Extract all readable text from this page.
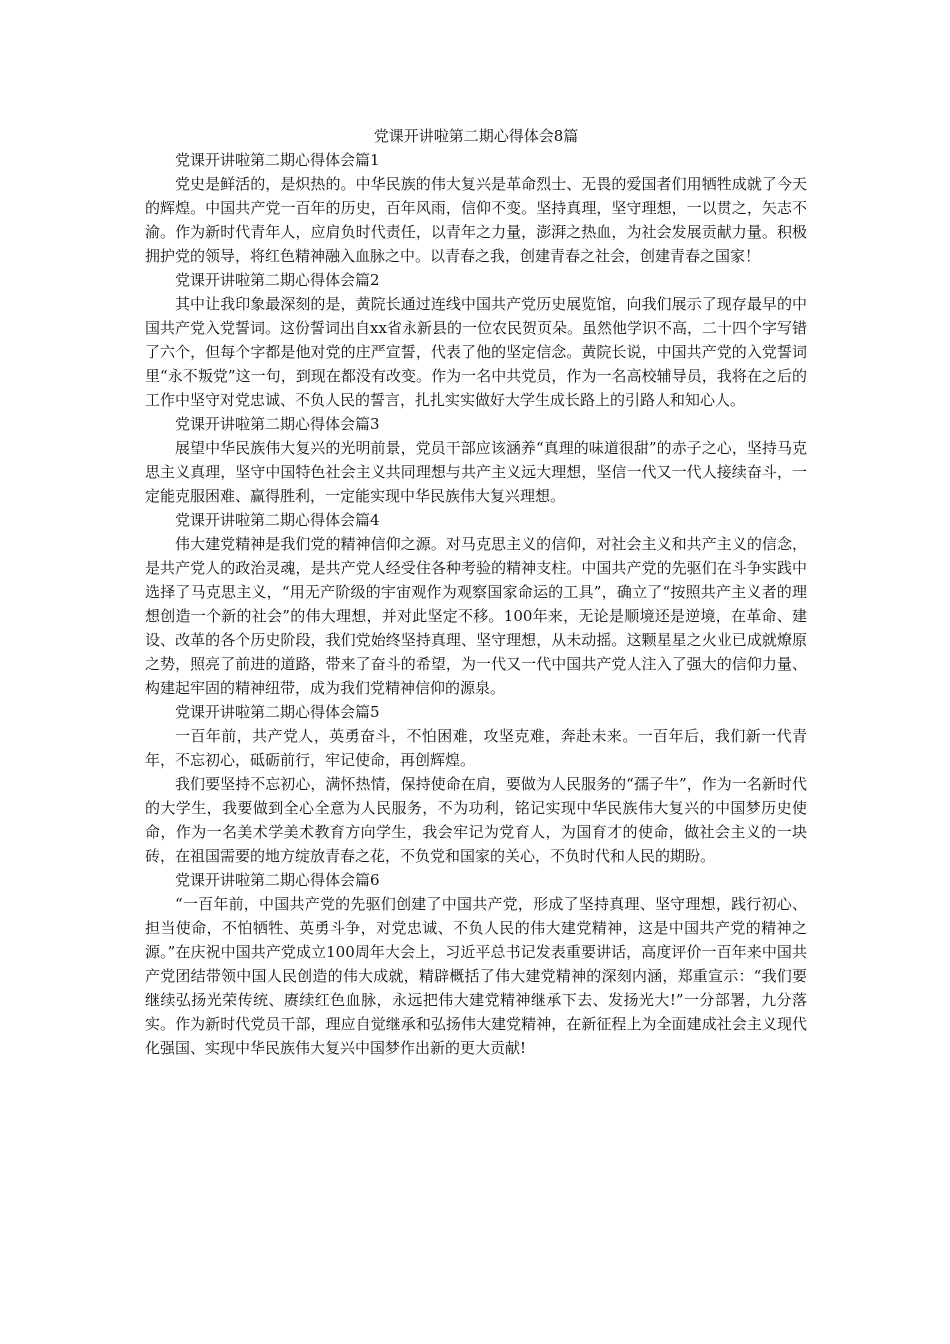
党课开讲啦第二期心得体会8篇

党课开讲啦第二期心得体会篇1

党史是鲜活的，是炽热的。中华民族的伟大复兴是革命烈士、无畏的爱国者们用牺牲成就了今天的辉煌。中国共产党一百年的历史，百年风雨，信仰不变。坚持真理，坚守理想，一以贯之，矢志不渝。作为新时代青年人，应肩负时代责任，以青年之力量，澎湃之热血，为社会发展贡献力量。积极拥护党的领导，将红色精神融入血脉之中。以青春之我，创建青春之社会，创建青春之国家！

党课开讲啦第二期心得体会篇2

其中让我印象最深刻的是，黄院长通过连线中国共产党历史展览馆，向我们展示了现存最早的中国共产党入党誓词。这份誓词出自xx省永新县的一位农民贺页朵。虽然他学识不高，二十四个字写错了六个，但每个字都是他对党的庄严宣誓，代表了他的坚定信念。黄院长说，中国共产党的入党誓词里“永不叛党”这一句，到现在都没有改变。作为一名中共党员，作为一名高校辅导员，我将在之后的工作中坚守对党忠诚、不负人民的誓言，扎扎实实做好大学生成长路上的引路人和知心人。

党课开讲啦第二期心得体会篇3

展望中华民族伟大复兴的光明前景，党员干部应该涵养“真理的味道很甜”的赤子之心，坚持马克思主义真理，坚守中国特色社会主义共同理想与共产主义远大理想，坚信一代又一代人接续奋斗，一定能克服困难、赢得胜利，一定能实现中华民族伟大复兴理想。

党课开讲啦第二期心得体会篇4

伟大建党精神是我们党的精神信仰之源。对马克思主义的信仰，对社会主义和共产主义的信念，是共产党人的政治灵魂，是共产党人经受住各种考验的精神支柱。中国共产党的先驱们在斗争实践中选择了马克思主义，“用无产阶级的宇宙观作为观察国家命运的工具”，确立了“按照共产主义者的理想创造一个新的社会”的伟大理想，并对此坚定不移。100年来，无论是顺境还是逆境，在革命、建设、改革的各个历史阶段，我们党始终坚持真理、坚守理想，从未动摇。这颗星星之火业已成就燎原之势，照亮了前进的道路，带来了奋斗的希望，为一代又一代中国共产党人注入了强大的信仰力量、构建起牢固的精神纽带，成为我们党精神信仰的源泉。

党课开讲啦第二期心得体会篇5

一百年前，共产党人，英勇奋斗，不怕困难，攻坚克难，奔赴未来。一百年后，我们新一代青年，不忘初心，砥砺前行，牢记使命，再创辉煌。

我们要坚持不忘初心，满怀热情，保持使命在肩，要做为人民服务的“孺子牛”，作为一名新时代的大学生，我要做到全心全意为人民服务，不为功利，铭记实现中华民族伟大复兴的中国梦历史使命，作为一名美术学美术教育方向学生，我会牢记为党育人，为国育才的使命，做社会主义的一块砖，在祖国需要的地方绽放青春之花，不负党和国家的关心，不负时代和人民的期盼。

党课开讲啦第二期心得体会篇6

“一百年前，中国共产党的先驱们创建了中国共产党，形成了坚持真理、坚守理想，践行初心、担当使命，不怕牺牲、英勇斗争，对党忠诚、不负人民的伟大建党精神，这是中国共产党的精神之源。”在庆祝中国共产党成立100周年大会上，习近平总书记发表重要讲话，高度评价一百年来中国共产党团结带领中国人民创造的伟大成就，精辟概括了伟大建党精神的深刻内涵，郑重宣示：“我们要继续弘扬光荣传统、赓续红色血脉，永远把伟大建党精神继承下去、发扬光大!”一分部署，九分落实。作为新时代党员干部，理应自觉继承和弘扬伟大建党精神，在新征程上为全面建成社会主义现代化强国、实现中华民族伟大复兴中国梦作出新的更大贡献!
